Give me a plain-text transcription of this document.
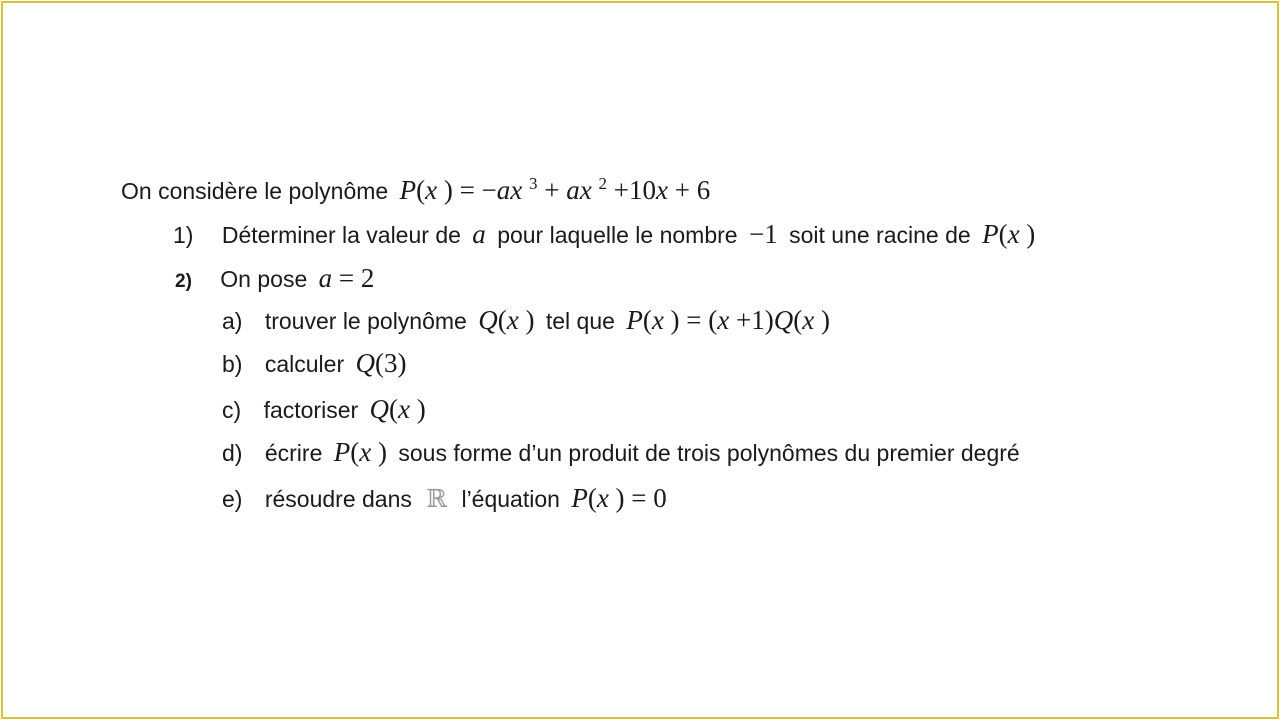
On considère le polynôme P(x ) = −ax $^3$ + ax $^2$ +10x + 6
1) Déterminer la valeur de a pour laquelle le nombre −1 soit une racine de P(x )
2) On pose a = 2
a) trouver le polynôme Q(x ) tel que P(x ) = (x +1)Q(x )
b) calculer Q(3)
c) factoriser Q(x )
d) écrire P(x ) sous forme d’un produit de trois polynômes du premier degré
e) résoudre dans ℝ l’équation P(x ) = 0
